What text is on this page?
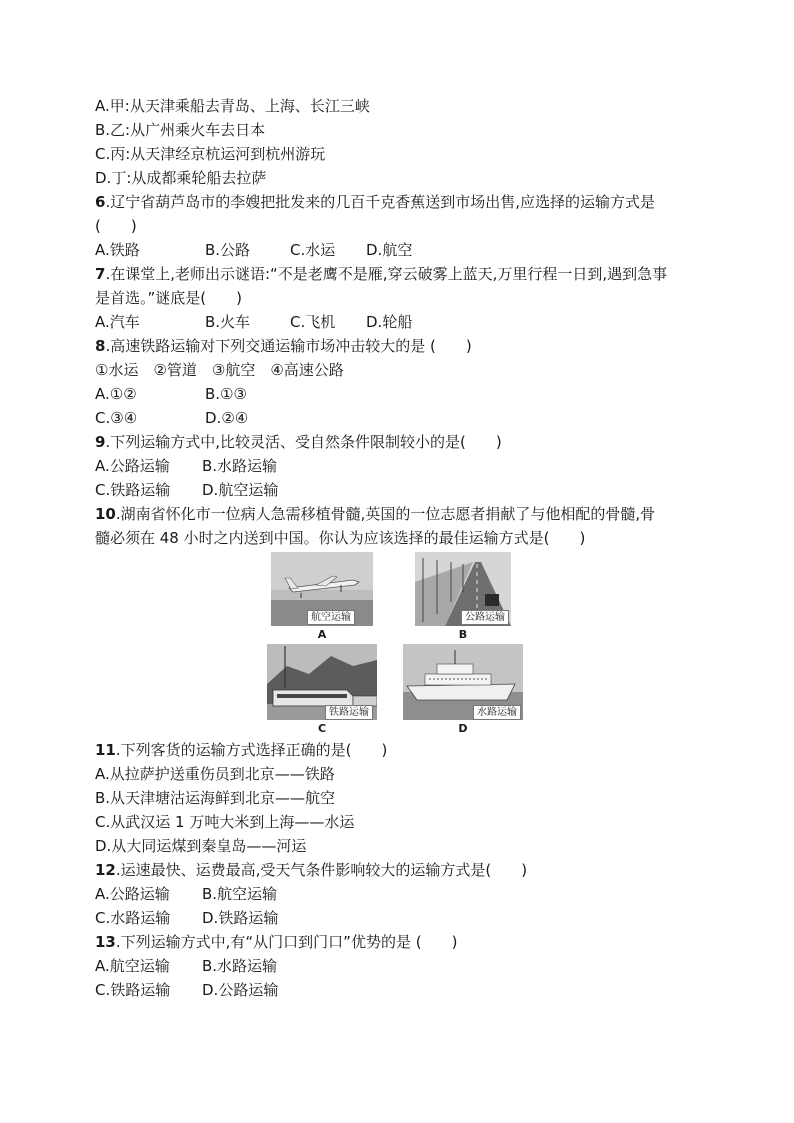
A.甲:从天津乘船去青岛、上海、长江三峡
B.乙:从广州乘火车去日本
C.丙:从天津经京杭运河到杭州游玩
D.丁:从成都乘轮船去拉萨
6.辽宁省葫芦岛市的李嫂把批发来的几百千克香蕉送到市场出售,应选择的运输方式是
(　　)
A.铁路	B.公路	C.水运	D.航空
7.在课堂上,老师出示谜语:“不是老鹰不是雁,穿云破雾上蓝天,万里行程一日到,遇到急事
是首选。”谜底是(　　)
A.汽车	B.火车	C.飞机	D.轮船
8.高速铁路运输对下列交通运输市场冲击较大的是 (　　)
①水运　②管道　③航空　④高速公路
A.①②	B.①③
C.③④	D.②④
9.下列运输方式中,比较灵活、受自然条件限制较小的是(　　)
A.公路运输	B.水路运输
C.铁路运输	D.航空运输
10.湖南省怀化市一位病人急需移植骨髓,英国的一位志愿者捐献了与他相配的骨髓,骨
髓必须在 48 小时之内送到中国。你认为应该选择的最佳运输方式是(　　)
航空运输
A
公路运输
B
铁路运输
C
水路运输
D
11.下列客货的运输方式选择正确的是(　　)
A.从拉萨护送重伤员到北京——铁路
B.从天津塘沽运海鲜到北京——航空
C.从武汉运 1 万吨大米到上海——水运
D.从大同运煤到秦皇岛——河运
12.运速最快、运费最高,受天气条件影响较大的运输方式是(　　)
A.公路运输	B.航空运输
C.水路运输	D.铁路运输
13.下列运输方式中,有“从门口到门口”优势的是 (　　)
A.航空运输	B.水路运输
C.铁路运输	D.公路运输
